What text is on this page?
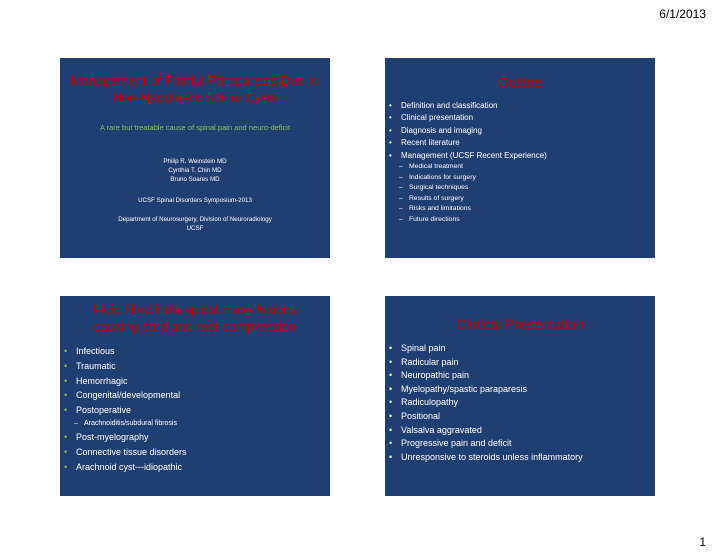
6/1/2013
Management of Painful Paraparesis Due to
Non-Neoplastic Spinal Cysts
A rare but treatable cause of spinal pain and neuro-deficit
Philip R. Weinstein MD
Cynthia T. Chin MD
Bruno Soares MD
UCSF Spinal Disorders Symposium-2013
Department of Neurosurgery, Division of Neuroradiology
UCSF
Outline
• Definition and classification
• Clinical presentation
• Diagnosis and imaging
• Recent literature
• Management (UCSF Recent Experience)
– Medical treatment
– Indications for surgery
– Surgical techniques
– Results of surgery
– Risks and limitations
– Future directions
Fluid filled intra-spinal mass lesions
causing cord and root compression
• Infectious
• Traumatic
• Hemorrhagic
• Congenital/developmental
• Postoperative
– Arachnoiditis/subdural fibrosis
• Post-myelography
• Connective tissue disorders
• Arachnoid cyst---idiopathic
Clinical Presentation
• Spinal pain
• Radicular pain
• Neuropathic pain
• Myelopathy/spastic paraparesis
• Radiculopathy
• Positional
• Valsalva aggravated
• Progressive pain and deficit
• Unresponsive to steroids unless inflammatory
1
